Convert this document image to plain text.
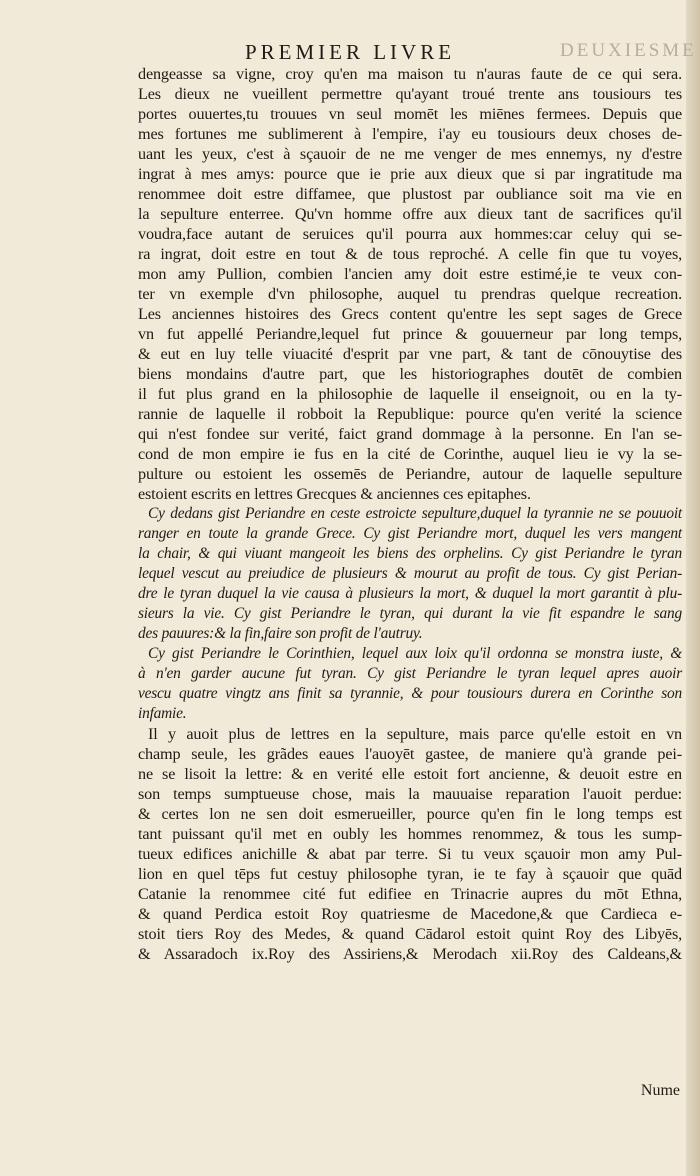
DEUXIESME
PREMIER LIVRE
dengeasse sa vigne, croy qu'en ma maison tu n'auras faute de ce qui sera.
Les dieux ne vueillent permettre qu'ayant troué trente ans tousiours tes
portes ouuertes,tu trouues vn seul momēt les miēnes fermees. Depuis que
mes fortunes me sublimerent à l'empire, i'ay eu tousiours deux choses de-
uant les yeux, c'est à sçauoir de ne me venger de mes ennemys, ny d'estre
ingrat à mes amys: pource que ie prie aux dieux que si par ingratitude ma
renommee doit estre diffamee, que plustost par oubliance soit ma vie en
la sepulture enterree. Qu'vn homme offre aux dieux tant de sacrifices qu'il
voudra,face autant de seruices qu'il pourra aux hommes:car celuy qui se-
ra ingrat, doit estre en tout & de tous reproché. A celle fin que tu voyes,
mon amy Pullion, combien l'ancien amy doit estre estimé,ie te veux con-
ter vn exemple d'vn philosophe, auquel tu prendras quelque recreation.
Les anciennes histoires des Grecs content qu'entre les sept sages de Grece
vn fut appellé Periandre,lequel fut prince & gouuerneur par long temps,
& eut en luy telle viuacité d'esprit par vne part, & tant de cōnouytise des
biens mondains d'autre part, que les historiographes doutēt de combien
il fut plus grand en la philosophie de laquelle il enseignoit, ou en la ty-
rannie de laquelle il robboit la Republique: pource qu'en verité la science
qui n'est fondee sur verité, faict grand dommage à la personne. En l'an se-
cond de mon empire ie fus en la cité de Corinthe, auquel lieu ie vy la se-
pulture ou estoient les ossemēs de Periandre, autour de laquelle sepulture
estoient escrits en lettres Grecques & anciennes ces epitaphes.
Cy dedans gist Periandre en ceste estroicte sepulture,duquel la tyrannie ne se pouuoit
ranger en toute la grande Grece. Cy gist Periandre mort, duquel les vers mangent
la chair, & qui viuant mangeoit les biens des orphelins. Cy gist Periandre le tyran
lequel vescut au preiudice de plusieurs & mourut au profit de tous. Cy gist Perian-
dre le tyran duquel la vie causa à plusieurs la mort, & duquel la mort garantit à plu-
sieurs la vie. Cy gist Periandre le tyran, qui durant la vie fit espandre le sang
des pauures:& la fin,faire son profit de l'autruy.
Cy gist Periandre le Corinthien, lequel aux loix qu'il ordonna se monstra iuste, &
à n'en garder aucune fut tyran. Cy gist Periandre le tyran lequel apres auoir
vescu quatre vingtz ans finit sa tyrannie, & pour tousiours durera en Corinthe son
infamie.
Il y auoit plus de lettres en la sepulture, mais parce qu'elle estoit en vn
champ seule, les grãdes eaues l'auoyēt gastee, de maniere qu'à grande pei-
ne se lisoit la lettre: & en verité elle estoit fort ancienne, & deuoit estre en
son temps sumptueuse chose, mais la mauuaise reparation l'auoit perdue:
& certes lon ne sen doit esmerueiller, pource qu'en fin le long temps est
tant puissant qu'il met en oubly les hommes renommez, & tous les sump-
tueux edifices anichille & abat par terre. Si tu veux sçauoir mon amy Pul-
lion en quel tēps fut cestuy philosophe tyran, ie te fay à sçauoir que quād
Catanie la renommee cité fut edifiee en Trinacrie aupres du mōt Ethna,
& quand Perdica estoit Roy quatriesme de Macedone,& que Cardieca e-
stoit tiers Roy des Medes, & quand Cādarol estoit quint Roy des Libyēs,
& Assaradoch ix.Roy des Assiriens,& Merodach xii.Roy des Caldeans,&
Nume
